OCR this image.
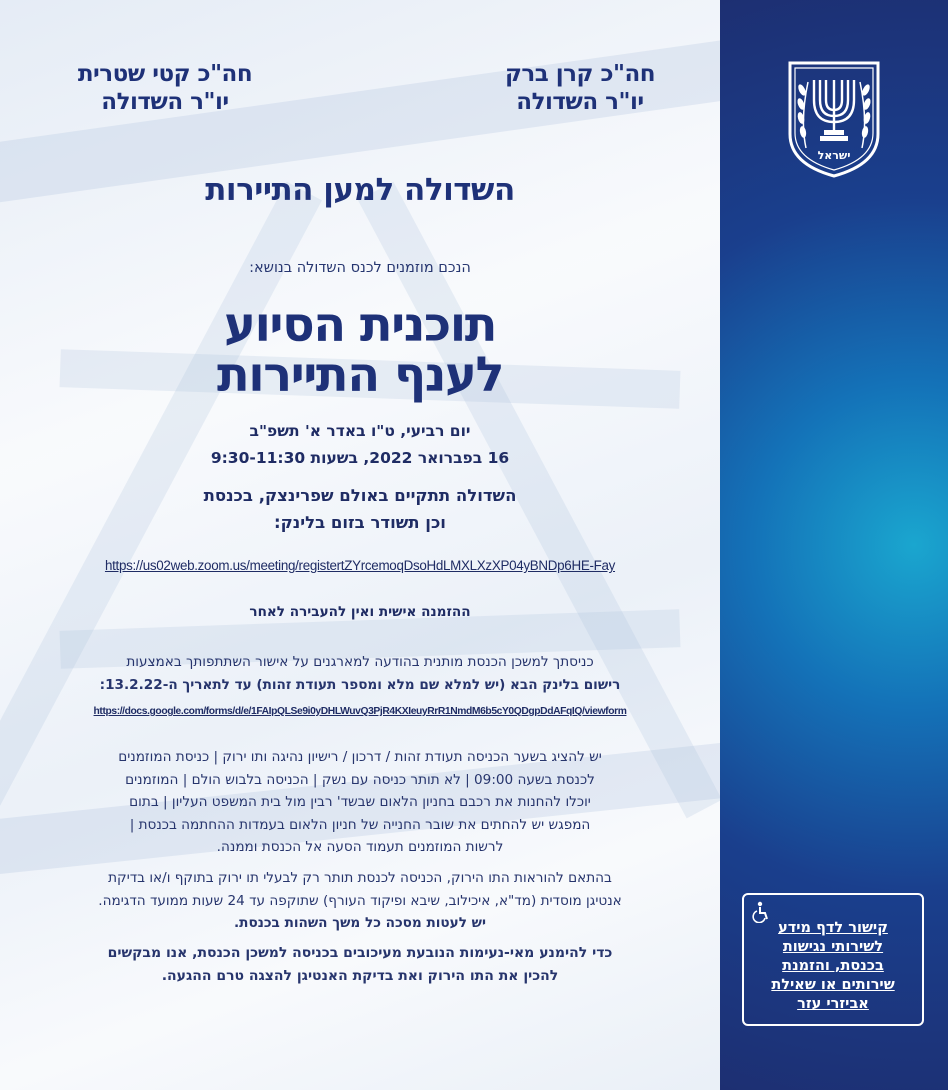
חה"כ קרן ברק
יו"ר השדולה
חה"כ קטי שטרית
יו"ר השדולה
השדולה למען התיירות
הנכם מוזמנים לכנס השדולה בנושא:
תוכנית הסיוע
לענף התיירות
יום רביעי, ט"ו באדר א' תשפ"ב
16 בפברואר 2022, בשעות 9:30-11:30
השדולה תתקיים באולם שפרינצק, בכנסת
וכן תשודר בזום בלינק:
https://us02web.zoom.us/meeting/registertZYrcemoqDsoHdLMXLXzXP04yBNDp6HE-Fay
ההזמנה אישית ואין להעבירה לאחר
כניסתך למשכן הכנסת מותנית בהודעה למארגנים על אישור השתתפותך באמצעות
רישום בלינק הבא (יש למלא שם מלא ומספר תעודת זהות) עד לתאריך ה-13.2.22:
https://docs.google.com/forms/d/e/1FAIpQLSe9i0yDHLWuvQ3PjR4KXIeuyRrR1NmdM6b5cY0QDgpDdAFqIQ/viewform
יש להציג בשער הכניסה תעודת זהות / דרכון / רישיון נהיגה ותו ירוק | כניסת המוזמנים
לכנסת בשעה 09:00 | לא תותר כניסה עם נשק | הכניסה בלבוש הולם | המוזמנים
יוכלו להחנות את רכבם בחניון הלאום שבשד' רבין מול בית המשפט העליון | בתום
המפגש יש להחתים את שובר החנייה של חניון הלאום בעמדות ההחתמה בכנסת |
לרשות המוזמנים תעמוד הסעה אל הכנסת וממנה.
בהתאם להוראות התו הירוק, הכניסה לכנסת תותר רק לבעלי תו ירוק בתוקף ו/או בדיקת
אנטיגן מוסדית (מד"א, איכילוב, שיבא ופיקוד העורף) שתוקפה עד 24 שעות ממועד הדגימה.
יש לעטות מסכה כל משך השהות בכנסת.
כדי להימנע מאי-נעימות הנובעת מעיכובים בכניסה למשכן הכנסת, אנו מבקשים
להכין את התו הירוק ואת בדיקת האנטיגן להצגה טרם ההגעה.
ישראל
קישור לדף מידע
לשירותי נגישות
בכנסת, והזמנת
שירותים או שאילת
אביזרי עזר
